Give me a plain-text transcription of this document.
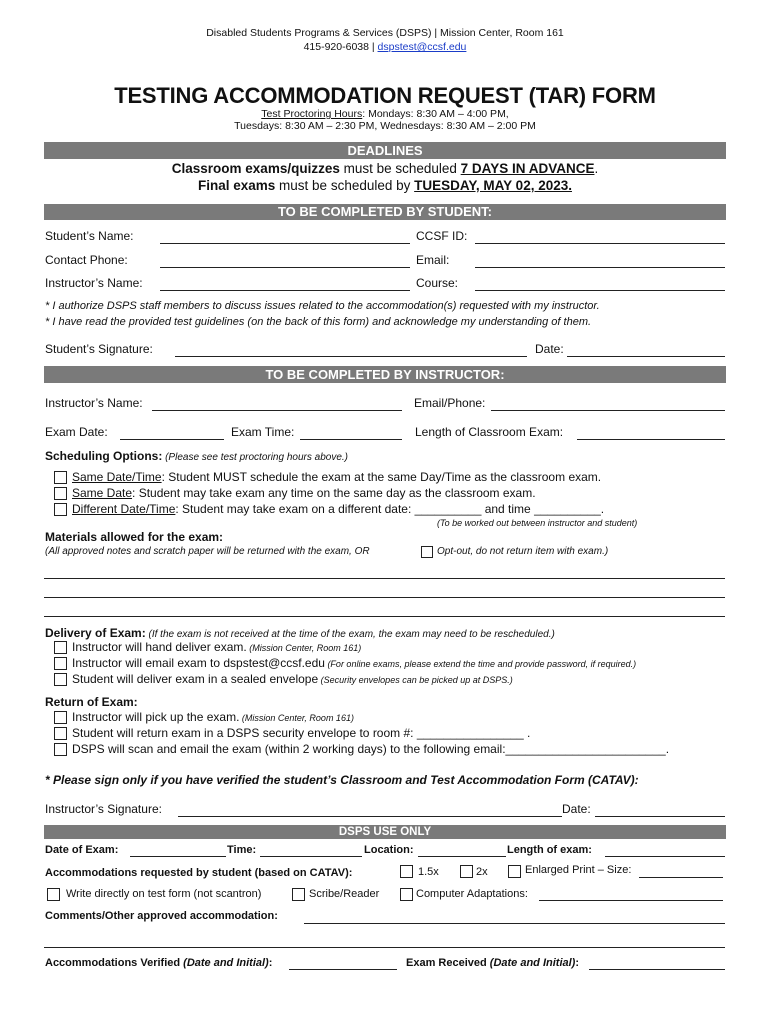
Disabled Students Programs & Services (DSPS) | Mission Center, Room 161
415-920-6038 | dspstest@ccsf.edu
TESTING ACCOMMODATION REQUEST (TAR) FORM
Test Proctoring Hours: Mondays: 8:30 AM – 4:00 PM,
Tuesdays: 8:30 AM – 2:30 PM, Wednesdays: 8:30 AM – 2:00 PM
DEADLINES
Classroom exams/quizzes must be scheduled 7 DAYS IN ADVANCE.
Final exams must be scheduled by TUESDAY, MAY 02, 2023.
TO BE COMPLETED BY STUDENT:
Student’s Name:	CCSF ID:
Contact Phone:	Email:
Instructor’s Name:	Course:
* I authorize DSPS staff members to discuss issues related to the accommodation(s) requested with my instructor.
* I have read the provided test guidelines (on the back of this form) and acknowledge my understanding of them.
Student’s Signature:	Date:
TO BE COMPLETED BY INSTRUCTOR:
Instructor’s Name:	Email/Phone:
Exam Date:	Exam Time:	Length of Classroom Exam:
Scheduling Options: (Please see test proctoring hours above.)
Same Date/Time: Student MUST schedule the exam at the same Day/Time as the classroom exam.
Same Date: Student may take exam any time on the same day as the classroom exam.
Different Date/Time: Student may take exam on a different date: __________ and time __________.
(To be worked out between instructor and student)
Materials allowed for the exam:
(All approved notes and scratch paper will be returned with the exam, OR	Opt-out, do not return item with exam.)
Delivery of Exam: (If the exam is not received at the time of the exam, the exam may need to be rescheduled.)
Instructor will hand deliver exam. (Mission Center, Room 161)
Instructor will email exam to dspstest@ccsf.edu (For online exams, please extend the time and provide password, if required.)
Student will deliver exam in a sealed envelope (Security envelopes can be picked up at DSPS.)
Return of Exam:
Instructor will pick up the exam. (Mission Center, Room 161)
Student will return exam in a DSPS security envelope to room #: ________________ .
DSPS will scan and email the exam (within 2 working days) to the following email:________________________.
* Please sign only if you have verified the student’s Classroom and Test Accommodation Form (CATAV):
Instructor’s Signature:	Date:
DSPS USE ONLY
Date of Exam:	Time:	Location:	Length of exam:
Accommodations requested by student (based on CATAV):	1.5x	2x	Enlarged Print – Size:
Write directly on test form (not scantron)	Scribe/Reader	Computer Adaptations:
Comments/Other approved accommodation:
Accommodations Verified (Date and Initial):	Exam Received (Date and Initial):
